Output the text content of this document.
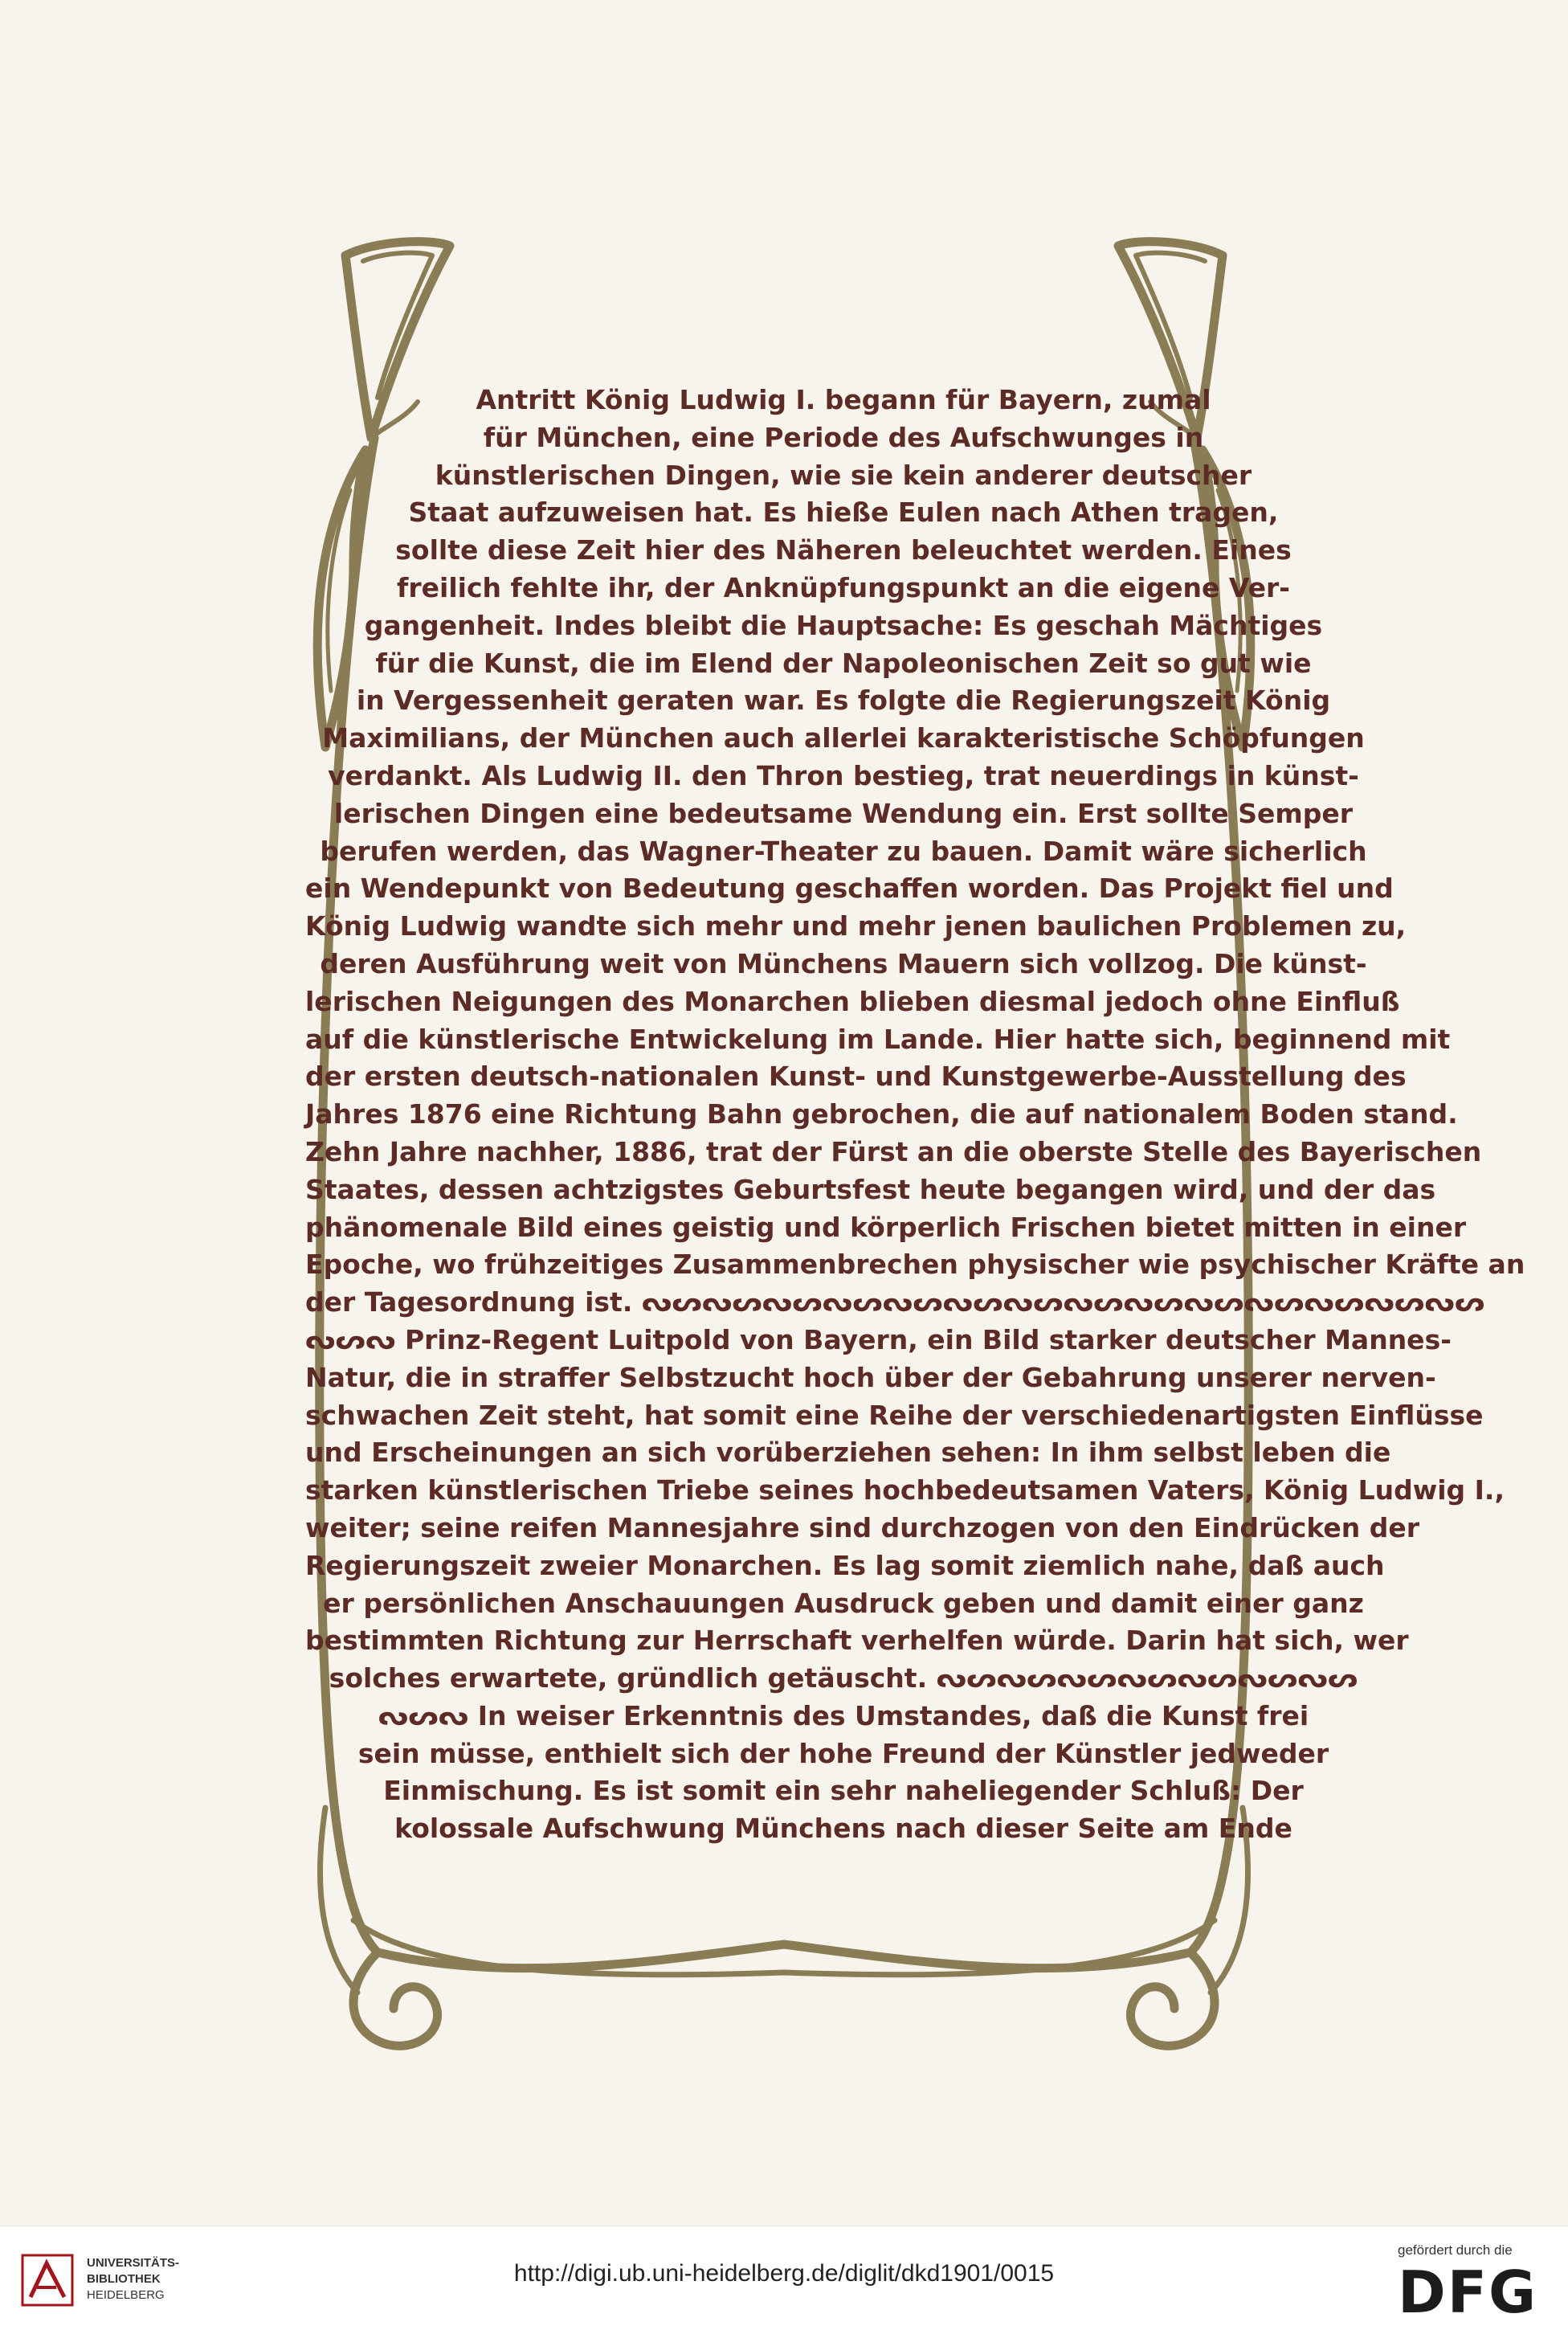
Antritt König Ludwig I. begann für Bayern, zumal
für München, eine Periode des Aufschwunges in
künstlerischen Dingen, wie sie kein anderer deutscher
Staat aufzuweisen hat. Es hieße Eulen nach Athen tragen,
sollte diese Zeit hier des Näheren beleuchtet werden. Eines
freilich fehlte ihr, der Anknüpfungspunkt an die eigene Ver-
gangenheit. Indes bleibt die Hauptsache: Es geschah Mächtiges
für die Kunst, die im Elend der Napoleonischen Zeit so gut wie
in Vergessenheit geraten war. Es folgte die Regierungszeit König
Maximilians, der München auch allerlei karakteristische Schöpfungen
verdankt. Als Ludwig II. den Thron bestieg, trat neuerdings in künst-
lerischen Dingen eine bedeutsame Wendung ein. Erst sollte Semper
berufen werden, das Wagner-Theater zu bauen. Damit wäre sicherlich
ein Wendepunkt von Bedeutung geschaffen worden. Das Projekt fiel und
König Ludwig wandte sich mehr und mehr jenen baulichen Problemen zu,
deren Ausführung weit von Münchens Mauern sich vollzog. Die künst-
lerischen Neigungen des Monarchen blieben diesmal jedoch ohne Einfluß
auf die künstlerische Entwickelung im Lande. Hier hatte sich, beginnend mit
der ersten deutsch-nationalen Kunst- und Kunstgewerbe-Ausstellung des
Jahres 1876 eine Richtung Bahn gebrochen, die auf nationalem Boden stand.
Zehn Jahre nachher, 1886, trat der Fürst an die oberste Stelle des Bayerischen
Staates, dessen achtzigstes Geburtsfest heute begangen wird, und der das
phänomenale Bild eines geistig und körperlich Frischen bietet mitten in einer
Epoche, wo frühzeitiges Zusammenbrechen physischer wie psychischer Kräfte an
der Tagesordnung ist. ᔓᔕᔓᔕᔓᔕᔓᔕᔓᔕᔓᔕᔓᔕᔓᔕᔓᔕᔓᔕᔓᔕᔓᔕᔓᔕᔓᔕ
ᔓᔕᔓ Prinz-Regent Luitpold von Bayern, ein Bild starker deutscher Mannes-
Natur, die in straffer Selbstzucht hoch über der Gebahrung unserer nerven-
schwachen Zeit steht, hat somit eine Reihe der verschiedenartigsten Einflüsse
und Erscheinungen an sich vorüberziehen sehen: In ihm selbst leben die
starken künstlerischen Triebe seines hochbedeutsamen Vaters, König Ludwig I.,
weiter; seine reifen Mannesjahre sind durchzogen von den Eindrücken der
Regierungszeit zweier Monarchen. Es lag somit ziemlich nahe, daß auch
er persönlichen Anschauungen Ausdruck geben und damit einer ganz
bestimmten Richtung zur Herrschaft verhelfen würde. Darin hat sich, wer
solches erwartete, gründlich getäuscht. ᔓᔕᔓᔕᔓᔕᔓᔕᔓᔕᔓᔕᔓᔕ
ᔓᔕᔓ In weiser Erkenntnis des Umstandes, daß die Kunst frei
sein müsse, enthielt sich der hohe Freund der Künstler jedweder
Einmischung. Es ist somit ein sehr naheliegender Schluß: Der
kolossale Aufschwung Münchens nach dieser Seite am Ende
UNIVERSITÄTS-
BIBLIOTHEK
HEIDELBERG
http://digi.ub.uni-heidelberg.de/diglit/dkd1901/0015
gefördert durch die
DFG
